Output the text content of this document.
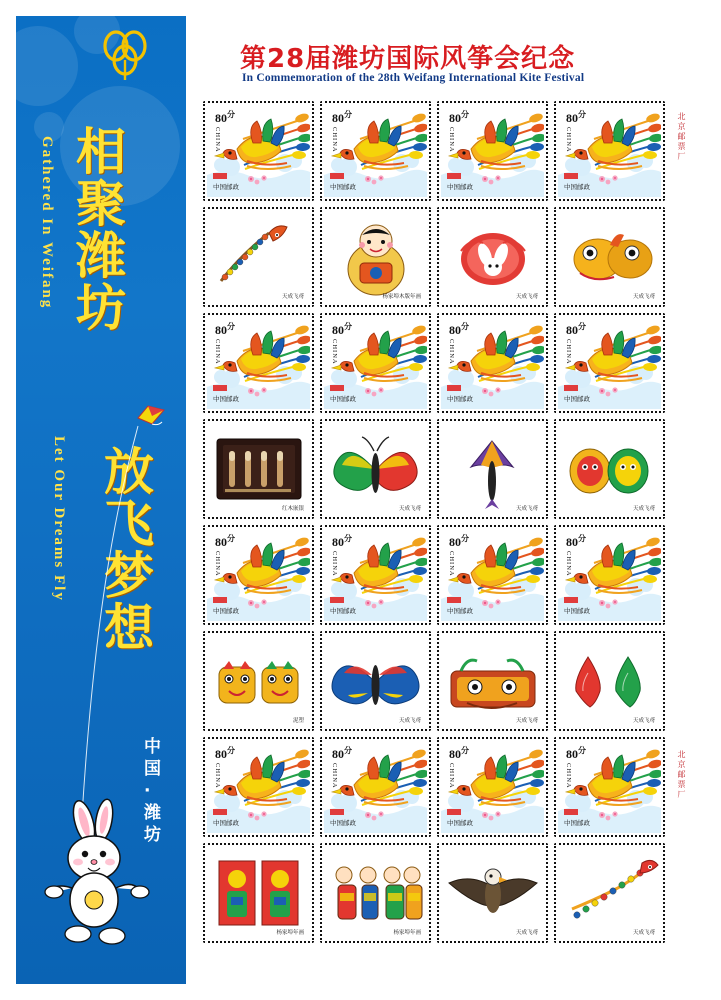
Gathered In Weifang
Let Our Dreams Fly
相聚潍坊
放飞梦想
中国·潍坊
第28届潍坊国际风筝会纪念
In Commemoration of the 28th Weifang International Kite Festival
$80^分$
CHINA
中国邮政
$80^分$
CHINA
中国邮政
$80^分$
CHINA
中国邮政
$80^分$
CHINA
中国邮政
天成飞鸢	杨家埠木版年画	天成飞鸢	天成飞鸢
$80^分$
CHINA
中国邮政
$80^分$
CHINA
中国邮政
$80^分$
CHINA
中国邮政
$80^分$
CHINA
中国邮政
红木嵌银	天成飞鸢	天成飞鸢	天成飞鸢
$80^分$
CHINA
中国邮政
$80^分$
CHINA
中国邮政
$80^分$
CHINA
中国邮政
$80^分$
CHINA
中国邮政
泥塑	天成飞鸢	天成飞鸢	天成飞鸢
$80^分$
CHINA
中国邮政
$80^分$
CHINA
中国邮政
$80^分$
CHINA
中国邮政
$80^分$
CHINA
中国邮政
杨家埠年画	杨家埠年画	天成飞鸢	天成飞鸢
北京邮票厂
北京邮票厂
